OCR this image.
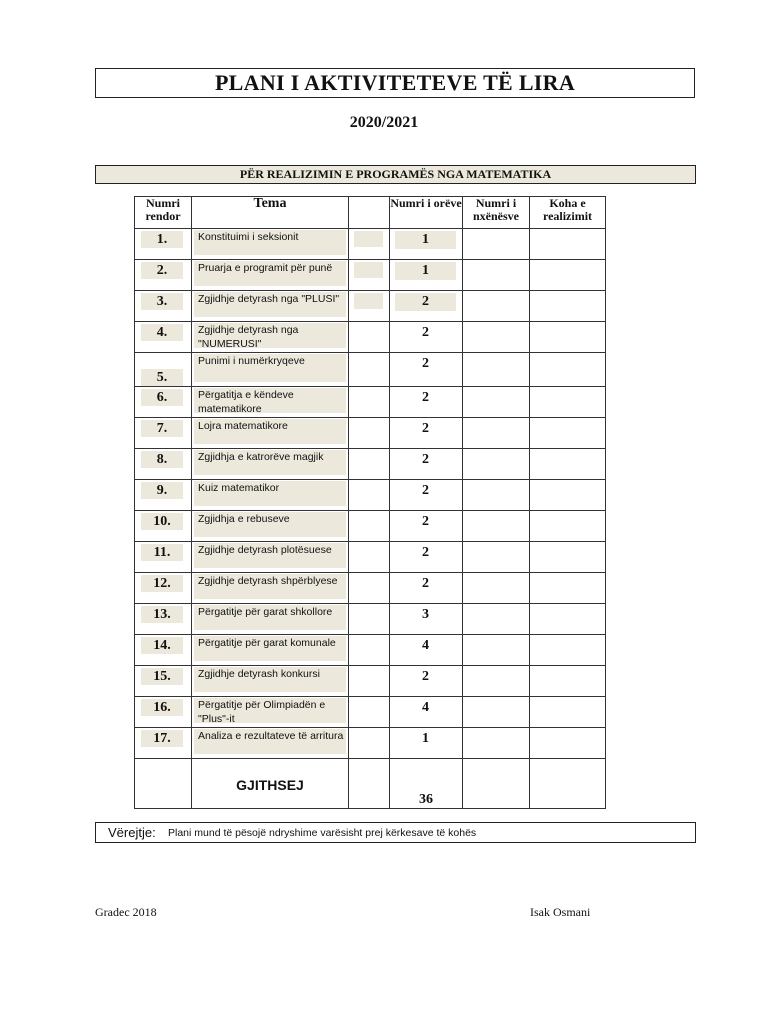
PLANI I AKTIVITETEVE TË LIRA
2020/2021
PËR REALIZIMIN E PROGRAMËS NGA MATEMATIKA
Numri rendor	Tema		Numri i orëve	Numri i nxënësve	Koha e realizimit

1.	Konstituimi i seksionit		1		

2.	Pruarja e programit për punë		1		

3.	Zgjidhje detyrash nga "PLUSI"		2		

4.	Zgjidhje detyrash nga "NUMERUSI"		2		

5.	Punimi i numërkryqeve		2		

6.	Përgatitja e këndeve matematikore		2		

7.	Lojra matematikore		2		

8.	Zgjidhja e katrorëve magjik		2		

9.	Kuiz matematikor		2		

10.	Zgjidhja e rebuseve		2		

11.	Zgjidhje detyrash plotësuese		2		

12.	Zgjidhje detyrash shpërblyese		2		

13.	Përgatitje për garat shkollore		3		

14.	Përgatitje për garat komunale		4		

15.	Zgjidhje detyrash konkursi		2		

16.	Përgatitje për Olimpiadën e "Plus"-it		4		

17.	Analiza e rezultateve të arritura		1		

	GJITHSEJ		36		

Vërejtje: Plani mund të pësojë ndryshime varësisht prej kërkesave të kohës
Gradec 2018	Isak Osmani
